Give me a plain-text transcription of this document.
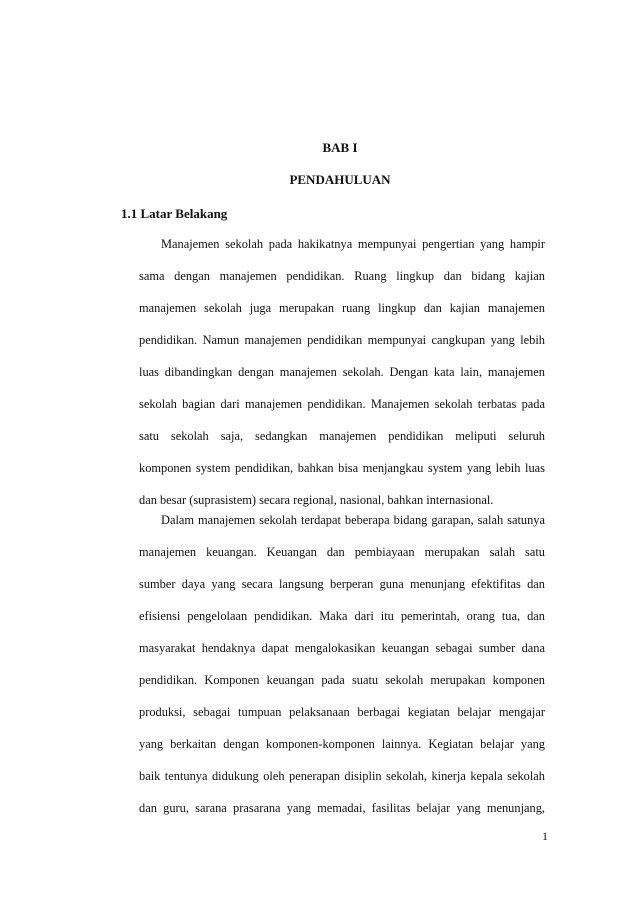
BAB I
PENDAHULUAN
1.1 Latar Belakang
Manajemen sekolah pada hakikatnya mempunyai pengertian yang hampir
sama dengan manajemen pendidikan. Ruang lingkup dan bidang kajian
manajemen sekolah juga merupakan ruang lingkup dan kajian manajemen
pendidikan. Namun manajemen pendidikan mempunyai cangkupan yang lebih
luas dibandingkan dengan manajemen sekolah. Dengan kata lain, manajemen
sekolah bagian dari manajemen pendidikan. Manajemen sekolah terbatas pada
satu sekolah saja, sedangkan manajemen pendidikan meliputi seluruh
komponen system pendidikan, bahkan bisa menjangkau system yang lebih luas
dan besar (suprasistem) secara regional, nasional, bahkan internasional.
Dalam manajemen sekolah terdapat beberapa bidang garapan, salah satunya
manajemen keuangan. Keuangan dan pembiayaan merupakan salah satu
sumber daya yang secara langsung berperan guna menunjang efektifitas dan
efisiensi pengelolaan pendidikan. Maka dari itu pemerintah, orang tua, dan
masyarakat hendaknya dapat mengalokasikan keuangan sebagai sumber dana
pendidikan. Komponen keuangan pada suatu sekolah merupakan komponen
produksi, sebagai tumpuan pelaksanaan berbagai kegiatan belajar mengajar
yang berkaitan dengan komponen-komponen lainnya. Kegiatan belajar yang
baik tentunya didukung oleh penerapan disiplin sekolah, kinerja kepala sekolah
dan guru, sarana prasarana yang memadai, fasilitas belajar yang menunjang,
1
